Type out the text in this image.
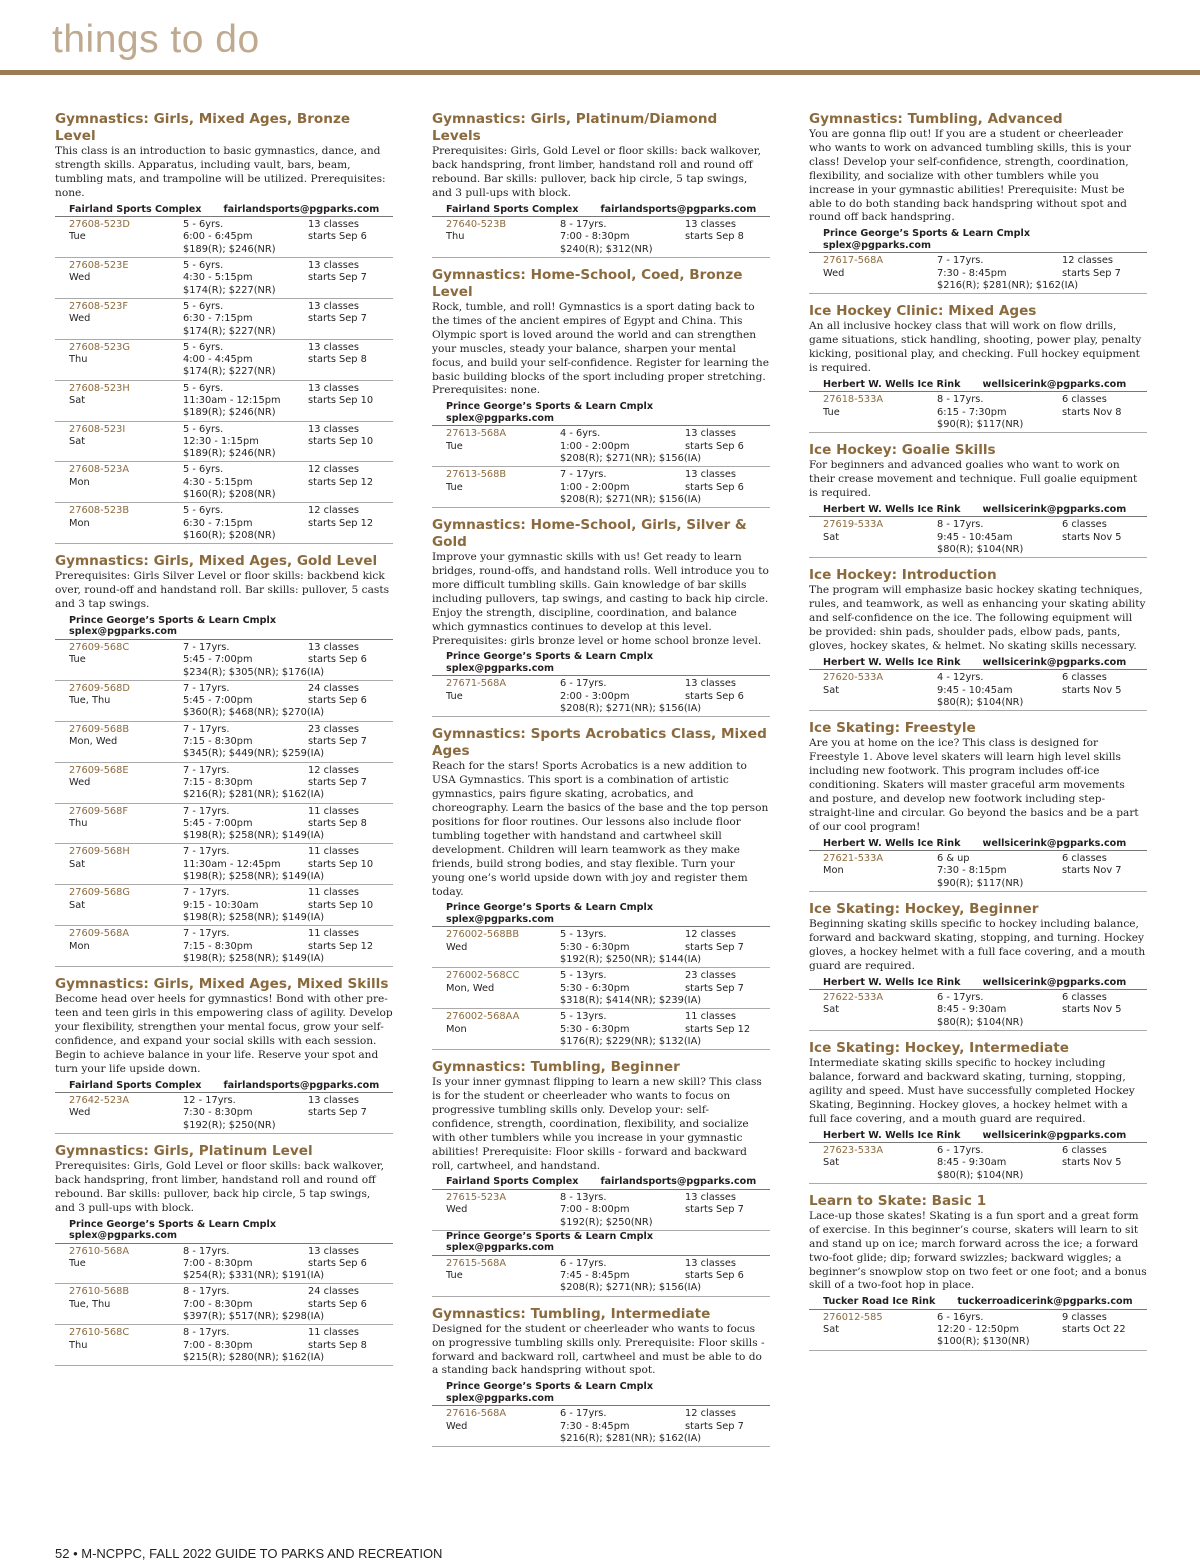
things to do
Gymnastics: Girls, Mixed Ages, Bronze Level

This class is an introduction to basic gymnastics, dance, and strength skills. Apparatus, including vault, bars, beam, tumbling mats, and trampoline will be utilized. Prerequisites: none.

Fairland Sports Complex fairlandsports@pgparks.com
27608-523D	5 - 6yrs.	13 classes
Tue	6:00 - 6:45pm	starts Sep 6
$189(R); $246(NR)
27608-523E	5 - 6yrs.	13 classes
Wed	4:30 - 5:15pm	starts Sep 7
$174(R); $227(NR)
27608-523F	5 - 6yrs.	13 classes
Wed	6:30 - 7:15pm	starts Sep 7
$174(R); $227(NR)
27608-523G	5 - 6yrs.	13 classes
Thu	4:00 - 4:45pm	starts Sep 8
$174(R); $227(NR)
27608-523H	5 - 6yrs.	13 classes
Sat	11:30am - 12:15pm	starts Sep 10
$189(R); $246(NR)
27608-523I	5 - 6yrs.	13 classes
Sat	12:30 - 1:15pm	starts Sep 10
$189(R); $246(NR)
27608-523A	5 - 6yrs.	12 classes
Mon	4:30 - 5:15pm	starts Sep 12
$160(R); $208(NR)
27608-523B	5 - 6yrs.	12 classes
Mon	6:30 - 7:15pm	starts Sep 12
$160(R); $208(NR)
Gymnastics: Girls, Mixed Ages, Gold Level

Prerequisites: Girls Silver Level or floor skills: backbend kick over, round-off and handstand roll. Bar skills: pullover, 5 casts and 3 tap swings.

Prince George’s Sports & Learn Cmplx
splex@pgparks.com
27609-568C	7 - 17yrs.	13 classes
Tue	5:45 - 7:00pm	starts Sep 6
$234(R); $305(NR); $176(IA)
27609-568D	7 - 17yrs.	24 classes
Tue, Thu	5:45 - 7:00pm	starts Sep 6
$360(R); $468(NR); $270(IA)
27609-568B	7 - 17yrs.	23 classes
Mon, Wed	7:15 - 8:30pm	starts Sep 7
$345(R); $449(NR); $259(IA)
27609-568E	7 - 17yrs.	12 classes
Wed	7:15 - 8:30pm	starts Sep 7
$216(R); $281(NR); $162(IA)
27609-568F	7 - 17yrs.	11 classes
Thu	5:45 - 7:00pm	starts Sep 8
$198(R); $258(NR); $149(IA)
27609-568H	7 - 17yrs.	11 classes
Sat	11:30am - 12:45pm	starts Sep 10
$198(R); $258(NR); $149(IA)
27609-568G	7 - 17yrs.	11 classes
Sat	9:15 - 10:30am	starts Sep 10
$198(R); $258(NR); $149(IA)
27609-568A	7 - 17yrs.	11 classes
Mon	7:15 - 8:30pm	starts Sep 12
$198(R); $258(NR); $149(IA)
Gymnastics: Girls, Mixed Ages, Mixed Skills

Become head over heels for gymnastics! Bond with other pre-teen and teen girls in this empowering class of agility. Develop your flexibility, strengthen your mental focus, grow your self-confidence, and expand your social skills with each session. Begin to achieve balance in your life. Reserve your spot and turn your life upside down.

Fairland Sports Complex fairlandsports@pgparks.com
27642-523A	12 - 17yrs.	13 classes
Wed	7:30 - 8:30pm	starts Sep 7
$192(R); $250(NR)
Gymnastics: Girls, Platinum Level

Prerequisites: Girls, Gold Level or floor skills: back walkover, back handspring, front limber, handstand roll and round off rebound. Bar skills: pullover, back hip circle, 5 tap swings, and 3 pull-ups with block.

Prince George’s Sports & Learn Cmplx
splex@pgparks.com
27610-568A	8 - 17yrs.	13 classes
Tue	7:00 - 8:30pm	starts Sep 6
$254(R); $331(NR); $191(IA)
27610-568B	8 - 17yrs.	24 classes
Tue, Thu	7:00 - 8:30pm	starts Sep 6
$397(R); $517(NR); $298(IA)
27610-568C	8 - 17yrs.	11 classes
Thu	7:00 - 8:30pm	starts Sep 8
$215(R); $280(NR); $162(IA)
Gymnastics: Girls, Platinum/Diamond Levels

Prerequisites: Girls, Gold Level or floor skills: back walkover, back handspring, front limber, handstand roll and round off rebound. Bar skills: pullover, back hip circle, 5 tap swings, and 3 pull-ups with block.

Fairland Sports Complex fairlandsports@pgparks.com
27640-523B	8 - 17yrs.	13 classes
Thu	7:00 - 8:30pm	starts Sep 8
$240(R); $312(NR)
Gymnastics: Home-School, Coed, Bronze Level

Rock, tumble, and roll! Gymnastics is a sport dating back to the times of the ancient empires of Egypt and China. This Olympic sport is loved around the world and can strengthen your muscles, steady your balance, sharpen your mental focus, and build your self-confidence. Register for learning the basic building blocks of the sport including proper stretching. Prerequisites: none.

Prince George’s Sports & Learn Cmplx
splex@pgparks.com
27613-568A	4 - 6yrs.	13 classes
Tue	1:00 - 2:00pm	starts Sep 6
$208(R); $271(NR); $156(IA)
27613-568B	7 - 17yrs.	13 classes
Tue	1:00 - 2:00pm	starts Sep 6
$208(R); $271(NR); $156(IA)
Gymnastics: Home-School, Girls, Silver & Gold

Improve your gymnastic skills with us! Get ready to learn bridges, round-offs, and handstand rolls. Well introduce you to more difficult tumbling skills. Gain knowledge of bar skills including pullovers, tap swings, and casting to back hip circle. Enjoy the strength, discipline, coordination, and balance which gymnastics continues to develop at this level. Prerequisites: girls bronze level or home school bronze level.

Prince George’s Sports & Learn Cmplx
splex@pgparks.com
27671-568A	6 - 17yrs.	13 classes
Tue	2:00 - 3:00pm	starts Sep 6
$208(R); $271(NR); $156(IA)
Gymnastics: Sports Acrobatics Class, Mixed Ages

Reach for the stars! Sports Acrobatics is a new addition to USA Gymnastics. This sport is a combination of artistic gymnastics, pairs figure skating, acrobatics, and choreography. Learn the basics of the base and the top person positions for floor routines. Our lessons also include floor tumbling together with handstand and cartwheel skill development. Children will learn teamwork as they make friends, build strong bodies, and stay flexible. Turn your young one’s world upside down with joy and register them today.

Prince George’s Sports & Learn Cmplx
splex@pgparks.com
276002-568BB	5 - 13yrs.	12 classes
Wed	5:30 - 6:30pm	starts Sep 7
$192(R); $250(NR); $144(IA)
276002-568CC	5 - 13yrs.	23 classes
Mon, Wed	5:30 - 6:30pm	starts Sep 7
$318(R); $414(NR); $239(IA)
276002-568AA	5 - 13yrs.	11 classes
Mon	5:30 - 6:30pm	starts Sep 12
$176(R); $229(NR); $132(IA)
Gymnastics: Tumbling, Beginner

Is your inner gymnast flipping to learn a new skill? This class is for the student or cheerleader who wants to focus on progressive tumbling skills only. Develop your: self-confidence, strength, coordination, flexibility, and socialize with other tumblers while you increase in your gymnastic abilities! Prerequisite: Floor skills - forward and backward roll, cartwheel, and handstand.

Fairland Sports Complex fairlandsports@pgparks.com
27615-523A	8 - 13yrs.	13 classes
Wed	7:00 - 8:00pm	starts Sep 7
$192(R); $250(NR)
Prince George’s Sports & Learn Cmplx
splex@pgparks.com
27615-568A	6 - 17yrs.	13 classes
Tue	7:45 - 8:45pm	starts Sep 6
$208(R); $271(NR); $156(IA)
Gymnastics: Tumbling, Intermediate

Designed for the student or cheerleader who wants to focus on progressive tumbling skills only. Prerequisite: Floor skills - forward and backward roll, cartwheel and must be able to do a standing back handspring without spot.

Prince George’s Sports & Learn Cmplx
splex@pgparks.com
27616-568A	6 - 17yrs.	12 classes
Wed	7:30 - 8:45pm	starts Sep 7
$216(R); $281(NR); $162(IA)
Gymnastics: Tumbling, Advanced

You are gonna flip out! If you are a student or cheerleader who wants to work on advanced tumbling skills, this is your class! Develop your self-confidence, strength, coordination, flexibility, and socialize with other tumblers while you increase in your gymnastic abilities! Prerequisite: Must be able to do both standing back handspring without spot and round off back handspring.

Prince George’s Sports & Learn Cmplx
splex@pgparks.com
27617-568A	7 - 17yrs.	12 classes
Wed	7:30 - 8:45pm	starts Sep 7
$216(R); $281(NR); $162(IA)
Ice Hockey Clinic: Mixed Ages

An all inclusive hockey class that will work on flow drills, game situations, stick handling, shooting, power play, penalty kicking, positional play, and checking. Full hockey equipment is required.

Herbert W. Wells Ice Rink wellsicerink@pgparks.com
27618-533A	8 - 17yrs.	6 classes
Tue	6:15 - 7:30pm	starts Nov 8
$90(R); $117(NR)
Ice Hockey: Goalie Skills

For beginners and advanced goalies who want to work on their crease movement and technique. Full goalie equipment is required.

Herbert W. Wells Ice Rink wellsicerink@pgparks.com
27619-533A	8 - 17yrs.	6 classes
Sat	9:45 - 10:45am	starts Nov 5
$80(R); $104(NR)
Ice Hockey: Introduction

The program will emphasize basic hockey skating techniques, rules, and teamwork, as well as enhancing your skating ability and self-confidence on the ice. The following equipment will be provided: shin pads, shoulder pads, elbow pads, pants, gloves, hockey skates, & helmet. No skating skills necessary.

Herbert W. Wells Ice Rink wellsicerink@pgparks.com
27620-533A	4 - 12yrs.	6 classes
Sat	9:45 - 10:45am	starts Nov 5
$80(R); $104(NR)
Ice Skating: Freestyle

Are you at home on the ice? This class is designed for Freestyle 1. Above level skaters will learn high level skills including new footwork. This program includes off-ice conditioning. Skaters will master graceful arm movements and posture, and develop new footwork including step-straight-line and circular. Go beyond the basics and be a part of our cool program!

Herbert W. Wells Ice Rink wellsicerink@pgparks.com
27621-533A	6 & up	6 classes
Mon	7:30 - 8:15pm	starts Nov 7
$90(R); $117(NR)
Ice Skating: Hockey, Beginner

Beginning skating skills specific to hockey including balance, forward and backward skating, stopping, and turning. Hockey gloves, a hockey helmet with a full face covering, and a mouth guard are required.

Herbert W. Wells Ice Rink wellsicerink@pgparks.com
27622-533A	6 - 17yrs.	6 classes
Sat	8:45 - 9:30am	starts Nov 5
$80(R); $104(NR)
Ice Skating: Hockey, Intermediate

Intermediate skating skills specific to hockey including balance, forward and backward skating, turning, stopping, agility and speed. Must have successfully completed Hockey Skating, Beginning. Hockey gloves, a hockey helmet with a full face covering, and a mouth guard are required.

Herbert W. Wells Ice Rink wellsicerink@pgparks.com
27623-533A	6 - 17yrs.	6 classes
Sat	8:45 - 9:30am	starts Nov 5
$80(R); $104(NR)
Learn to Skate: Basic 1

Lace-up those skates! Skating is a fun sport and a great form of exercise. In this beginner’s course, skaters will learn to sit and stand up on ice; march forward across the ice; a forward two-foot glide; dip; forward swizzles; backward wiggles; a beginner’s snowplow stop on two feet or one foot; and a bonus skill of a two-foot hop in place.

Tucker Road Ice Rink tuckerroadicerink@pgparks.com
276012-585	6 - 16yrs.	9 classes
Sat	12:20 - 12:50pm	starts Oct 22
$100(R); $130(NR)
52 • M-NCPPC, FALL 2022 GUIDE TO PARKS AND RECREATION
